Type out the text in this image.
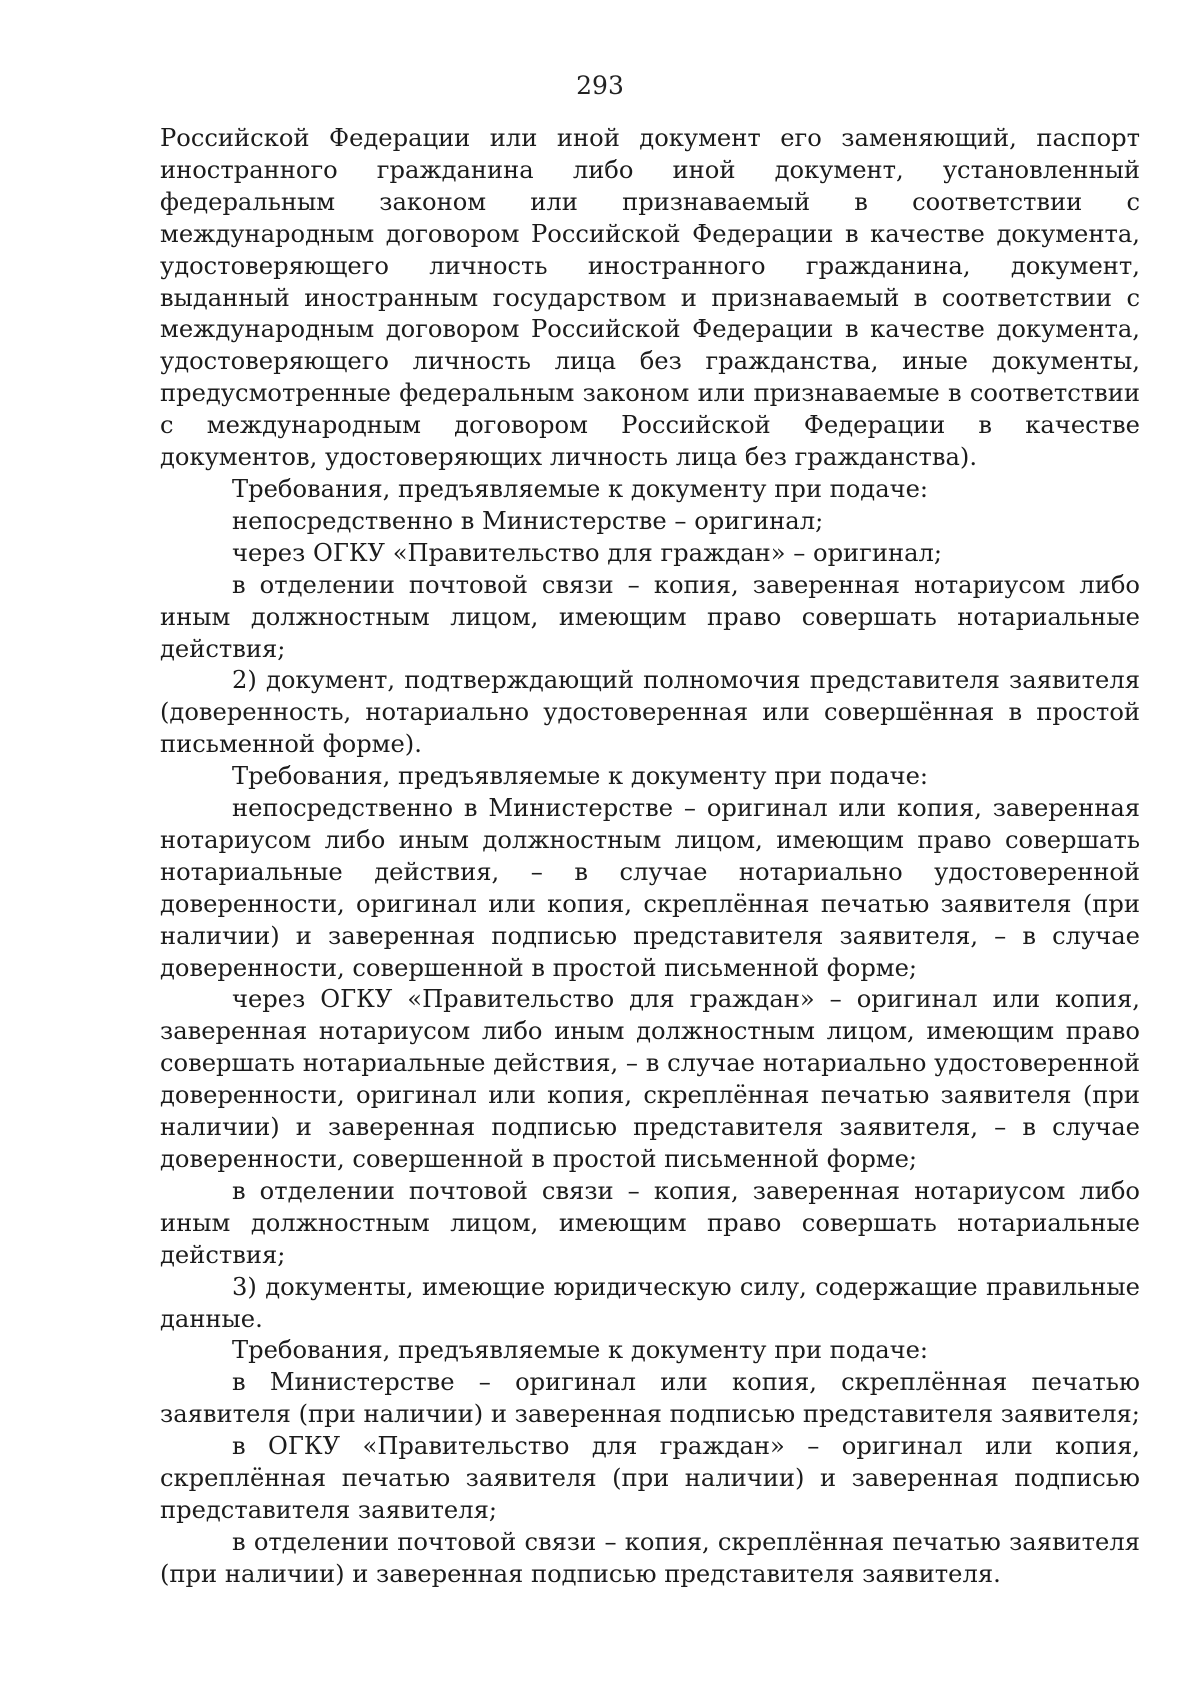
293

Российской Федерации или иной документ его заменяющий, паспорт иностранного гражданина либо иной документ, установленный федеральным законом или признаваемый в соответствии с международным договором Российской Федерации в качестве документа, удостоверяющего личность иностранного гражданина, документ, выданный иностранным государством и признаваемый в соответствии с международным договором Российской Федерации в качестве документа, удостоверяющего личность лица без гражданства, иные документы, предусмотренные федеральным законом или признаваемые в соответствии с международным договором Российской Федерации в качестве документов, удостоверяющих личность лица без гражданства).

Требования, предъявляемые к документу при подаче:

непосредственно в Министерстве – оригинал;

через ОГКУ «Правительство для граждан» – оригинал;

в отделении почтовой связи – копия, заверенная нотариусом либо иным должностным лицом, имеющим право совершать нотариальные действия;

2) документ, подтверждающий полномочия представителя заявителя (доверенность, нотариально удостоверенная или совершённая в простой письменной форме).

Требования, предъявляемые к документу при подаче:

непосредственно в Министерстве – оригинал или копия, заверенная нотариусом либо иным должностным лицом, имеющим право совершать нотариальные действия, – в случае нотариально удостоверенной доверенности, оригинал или копия, скреплённая печатью заявителя (при наличии) и заверенная подписью представителя заявителя, – в случае доверенности, совершенной в простой письменной форме;

через ОГКУ «Правительство для граждан» – оригинал или копия, заверенная нотариусом либо иным должностным лицом, имеющим право совершать нотариальные действия, – в случае нотариально удостоверенной доверенности, оригинал или копия, скреплённая печатью заявителя (при наличии) и заверенная подписью представителя заявителя, – в случае доверенности, совершенной в простой письменной форме;

в отделении почтовой связи – копия, заверенная нотариусом либо иным должностным лицом, имеющим право совершать нотариальные действия;

3) документы, имеющие юридическую силу, содержащие правильные данные.

Требования, предъявляемые к документу при подаче:

в Министерстве – оригинал или копия, скреплённая печатью заявителя (при наличии) и заверенная подписью представителя заявителя;

в ОГКУ «Правительство для граждан» – оригинал или копия, скреплённая печатью заявителя (при наличии) и заверенная подписью представителя заявителя;

в отделении почтовой связи – копия, скреплённая печатью заявителя (при наличии) и заверенная подписью представителя заявителя.
